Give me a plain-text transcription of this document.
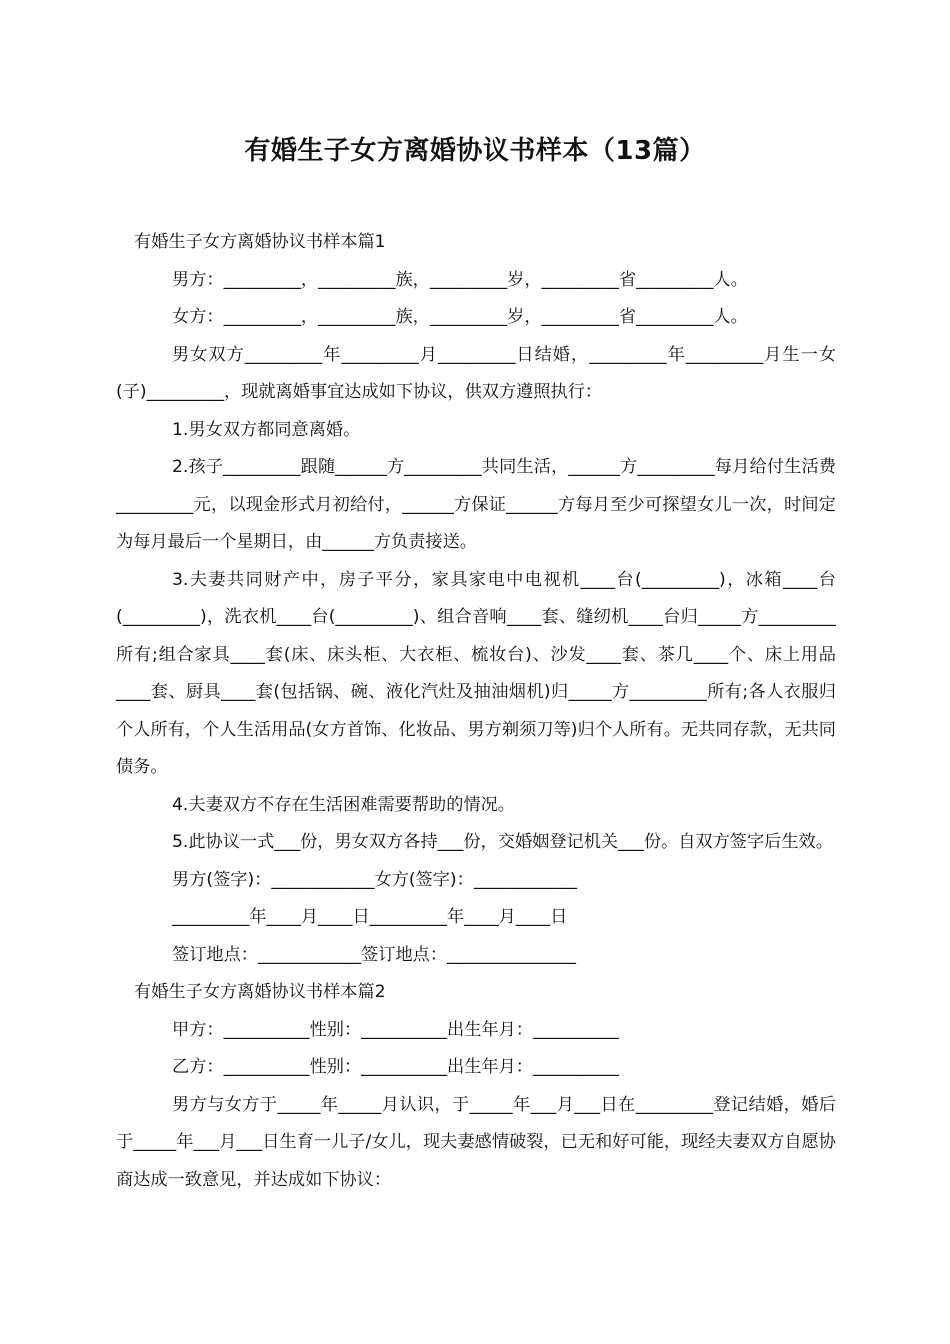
有婚生子女方离婚协议书样本（13篇）

有婚生子女方离婚协议书样本篇1

男方：_________，_________族，_________岁，_________省_________人。

女方：_________，_________族，_________岁，_________省_________人。

男女双方_________年_________月_________日结婚，_________年_________月生一女(子)_________，现就离婚事宜达成如下协议，供双方遵照执行：

1.男女双方都同意离婚。

2.孩子_________跟随______方_________共同生活，______方_________每月给付生活费_________元，以现金形式月初给付，______方保证______方每月至少可探望女儿一次，时间定为每月最后一个星期日，由______方负责接送。

3.夫妻共同财产中，房子平分，家具家电中电视机____台(_________)，冰箱____台(_________)，洗衣机____台(_________)、组合音响____套、缝纫机____台归_____方_________所有;组合家具____套(床、床头柜、大衣柜、梳妆台)、沙发____套、茶几____个、床上用品____套、厨具____套(包括锅、碗、液化汽灶及抽油烟机)归_____方_________所有;各人衣服归个人所有，个人生活用品(女方首饰、化妆品、男方剃须刀等)归个人所有。无共同存款，无共同债务。

4.夫妻双方不存在生活困难需要帮助的情况。

5.此协议一式___份，男女双方各持___份，交婚姻登记机关___份。自双方签字后生效。

男方(签字)：____________女方(签字)：____________

_________年____月____日_________年____月____日

签订地点：____________签订地点：_______________

有婚生子女方离婚协议书样本篇2

甲方：__________性别：__________出生年月：__________

乙方：__________性别：__________出生年月：__________

男方与女方于_____年_____月认识，于_____年___月___日在_________登记结婚，婚后于_____年___月___日生育一儿子/女儿，现夫妻感情破裂，已无和好可能，现经夫妻双方自愿协商达成一致意见，并达成如下协议：
